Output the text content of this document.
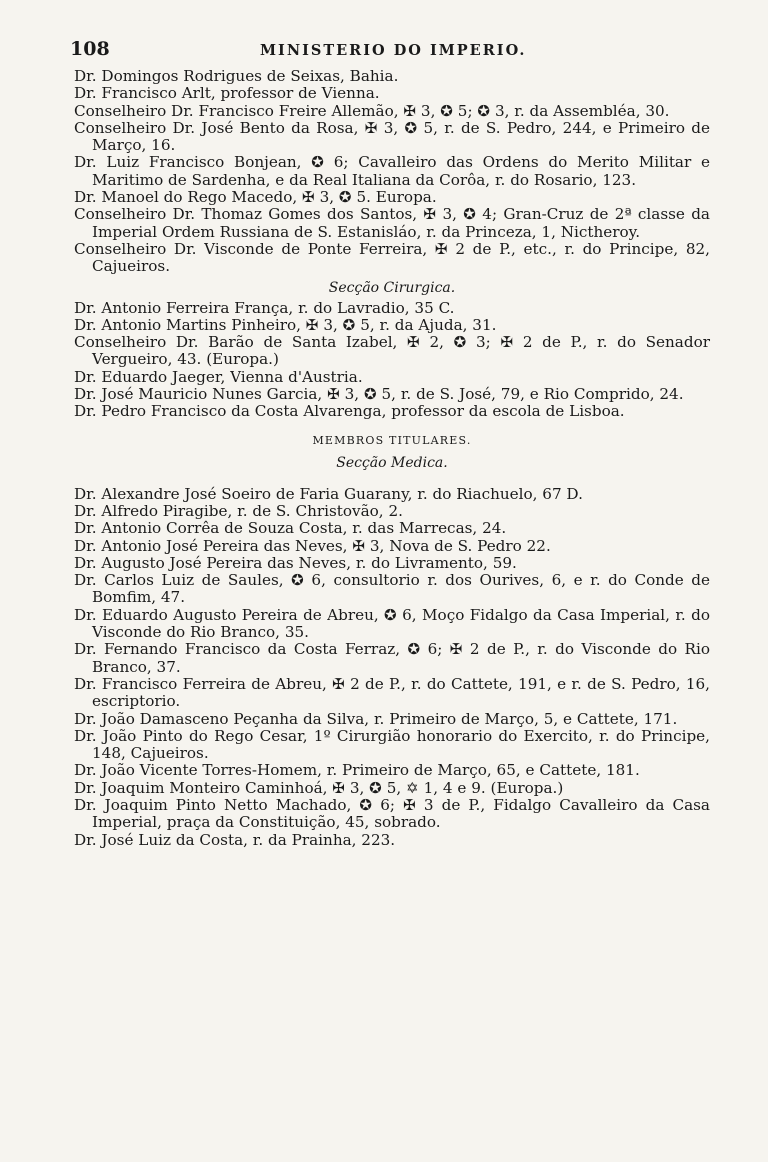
108	MINISTERIO DO IMPERIO.

Dr. Domingos Rodrigues de Seixas, Bahia.

Dr. Francisco Arlt, professor de Vienna.

Conselheiro Dr. Francisco Freire Allemão, ✠ 3, ✪ 5; ✪ 3, r. da Assembléa, 30.

Conselheiro Dr. José Bento da Rosa, ✠ 3, ✪ 5, r. de S. Pedro, 244, e Primeiro de Março, 16.

Dr. Luiz Francisco Bonjean, ✪ 6; Cavalleiro das Ordens do Merito Militar e Maritimo de Sardenha, e da Real Italiana da Corôa, r. do Rosario, 123.

Dr. Manoel do Rego Macedo, ✠ 3, ✪ 5. Europa.

Conselheiro Dr. Thomaz Gomes dos Santos, ✠ 3, ✪ 4; Gran-Cruz de 2ª classe da Imperial Ordem Russiana de S. Estanisláo, r. da Princeza, 1, Nictheroy.

Conselheiro Dr. Visconde de Ponte Ferreira, ✠ 2 de P., etc., r. do Principe, 82, Cajueiros.

Secção Cirurgica.

Dr. Antonio Ferreira França, r. do Lavradio, 35 C.

Dr. Antonio Martins Pinheiro, ✠ 3, ✪ 5, r. da Ajuda, 31.

Conselheiro Dr. Barão de Santa Izabel, ✠ 2, ✪ 3; ✠ 2 de P., r. do Senador Vergueiro, 43. (Europa.)

Dr. Eduardo Jaeger, Vienna d'Austria.

Dr. José Mauricio Nunes Garcia, ✠ 3, ✪ 5, r. de S. José, 79, e Rio Comprido, 24.

Dr. Pedro Francisco da Costa Alvarenga, professor da escola de Lisboa.

MEMBROS TITULARES.
Secção Medica.

Dr. Alexandre José Soeiro de Faria Guarany, r. do Riachuelo, 67 D.

Dr. Alfredo Piragibe, r. de S. Christovão, 2.

Dr. Antonio Corrêa de Souza Costa, r. das Marrecas, 24.

Dr. Antonio José Pereira das Neves, ✠ 3, Nova de S. Pedro 22.

Dr. Augusto José Pereira das Neves, r. do Livramento, 59.

Dr. Carlos Luiz de Saules, ✪ 6, consultorio r. dos Ourives, 6, e r. do Conde de Bomfim, 47.

Dr. Eduardo Augusto Pereira de Abreu, ✪ 6, Moço Fidalgo da Casa Imperial, r. do Visconde do Rio Branco, 35.

Dr. Fernando Francisco da Costa Ferraz, ✪ 6; ✠ 2 de P., r. do Visconde do Rio Branco, 37.

Dr. Francisco Ferreira de Abreu, ✠ 2 de P., r. do Cattete, 191, e r. de S. Pedro, 16, escriptorio.

Dr. João Damasceno Peçanha da Silva, r. Primeiro de Março, 5, e Cattete, 171.

Dr. João Pinto do Rego Cesar, 1º Cirurgião honorario do Exercito, r. do Principe, 148, Cajueiros.

Dr. João Vicente Torres-Homem, r. Primeiro de Março, 65, e Cattete, 181.

Dr. Joaquim Monteiro Caminhoá, ✠ 3, ✪ 5, ✡ 1, 4 e 9. (Europa.)

Dr. Joaquim Pinto Netto Machado, ✪ 6; ✠ 3 de P., Fidalgo Cavalleiro da Casa Imperial, praça da Constituição, 45, sobrado.

Dr. José Luiz da Costa, r. da Prainha, 223.
